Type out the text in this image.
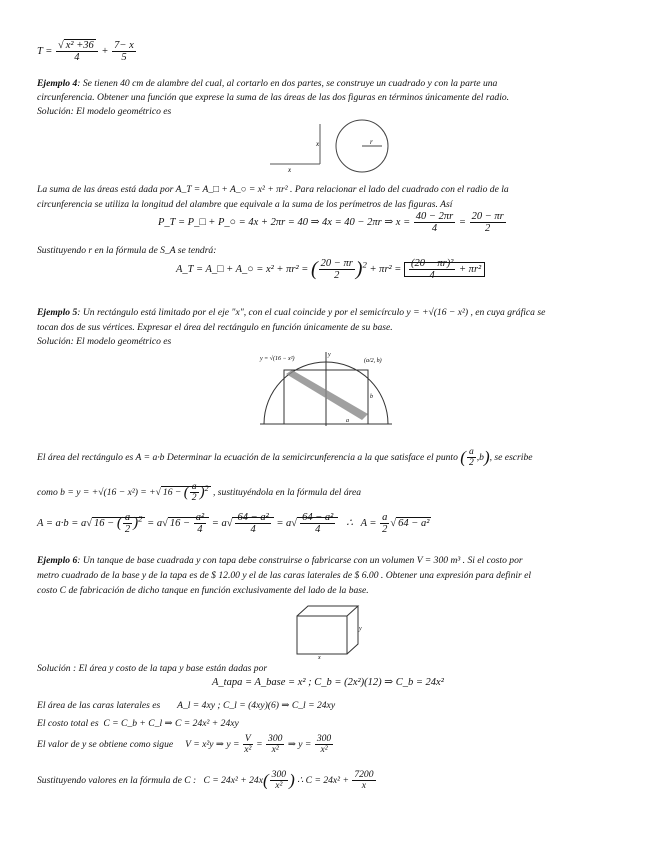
$T = \frac{\text{√ x² +36}}{4} + \frac{7- x}{5}$
Ejemplo 4: Se tienen 40 cm de alambre del cual, al cortarlo en dos partes, se construye un cuadrado y con la parte una
circunferencia. Obtener una función que exprese la suma de las áreas de las dos figuras en términos únicamente del radio.
Solución: El modelo geométrico es
x
x
r
La suma de las áreas está dada por A_T = A_□ + A_○ = x² + πr² . Para relacionar el lado del cuadrado con el radio de la
circunferencia se utiliza la longitud del alambre que equivale a la suma de los perímetros de las figuras. Así
P_T = P_□ + P_○ = 4x + 2πr = 40 ⇒ 4x = 40 − 2πr ⇒ $x = \frac{40 - 2\pi r}{4} = \frac{20 - \pi r}{2}$
Sustituyendo r en la fórmula de S_A se tendrá:
A_T = A_□ + A_○ = x² + πr² = ( $\frac{20 - \pi r}{2} )^2 + \pi r^2 = \frac{\text{(20 − πr)²}}{4} + \pi r^2$
Ejemplo 5: Un rectángulo está limitado por el eje "x", con el cual coincide y por el semicírculo y = +√(16 − x²) , en cuya gráfica se
tocan dos de sus vértices. Expresar el área del rectángulo en función únicamente de su base.
Solución: El modelo geométrico es
y = √(16 − x²)	(a/2, b)
y
a
b
El área del rectángulo es A = a·b Determinar la ecuación de la semicircunferencia a la que satisface el punto ( $\frac{a}{2} ,b$), se escribe
como b = y = +√(16 − x²) = +√ 16 − ( $\frac{a}{2} )^2$ , sustituyéndola en la fórmula del área
A = a·b = a√ 16 − ( $\frac{a}{2} )^2 = a√$ $16 - \frac{\text{a²}}{4} = a√ \frac{\text{64 − a²}}{4} = a√ \frac{\text{64 − a²}}{4}$ ∴ $A = \frac{a}{2}$ √ 64 − a²
Ejemplo 6: Un tanque de base cuadrada y con tapa debe construirse o fabricarse con un volumen V = 300 m³ . Si el costo por
metro cuadrado de la base y de la tapa es de $ 12.00 y el de las caras laterales de $ 6.00 . Obtener una expresión para definir el
costo C de fabricación de dicho tanque en función exclusivamente del lado de la base.
y
x
Solución : El área y costo de la tapa y base están dadas por
A_tapa = A_base = x² ; C_b = (2x²)(12) ⇒ C_b = 24x²
El área de las caras laterales es A_l = 4xy ; C_l = (4xy)(6) ⇒ C_l = 24xy
El costo total es C = C_b + C_l ⇒ C = 24x² + 24xy
El valor de y se obtiene como sigue V = x²y ⇒ $y = \frac{V}{\text{x²}} = \frac{300}{\text{x²}}$ ⇒ $y = \frac{300}{\text{x²}}$
Sustituyendo valores en la fórmula de C : $C = 24x^2 + 24x( \frac{300}{\text{x²}}$ ) ∴ $C = 24x^2 + \frac{7200}{x}$
